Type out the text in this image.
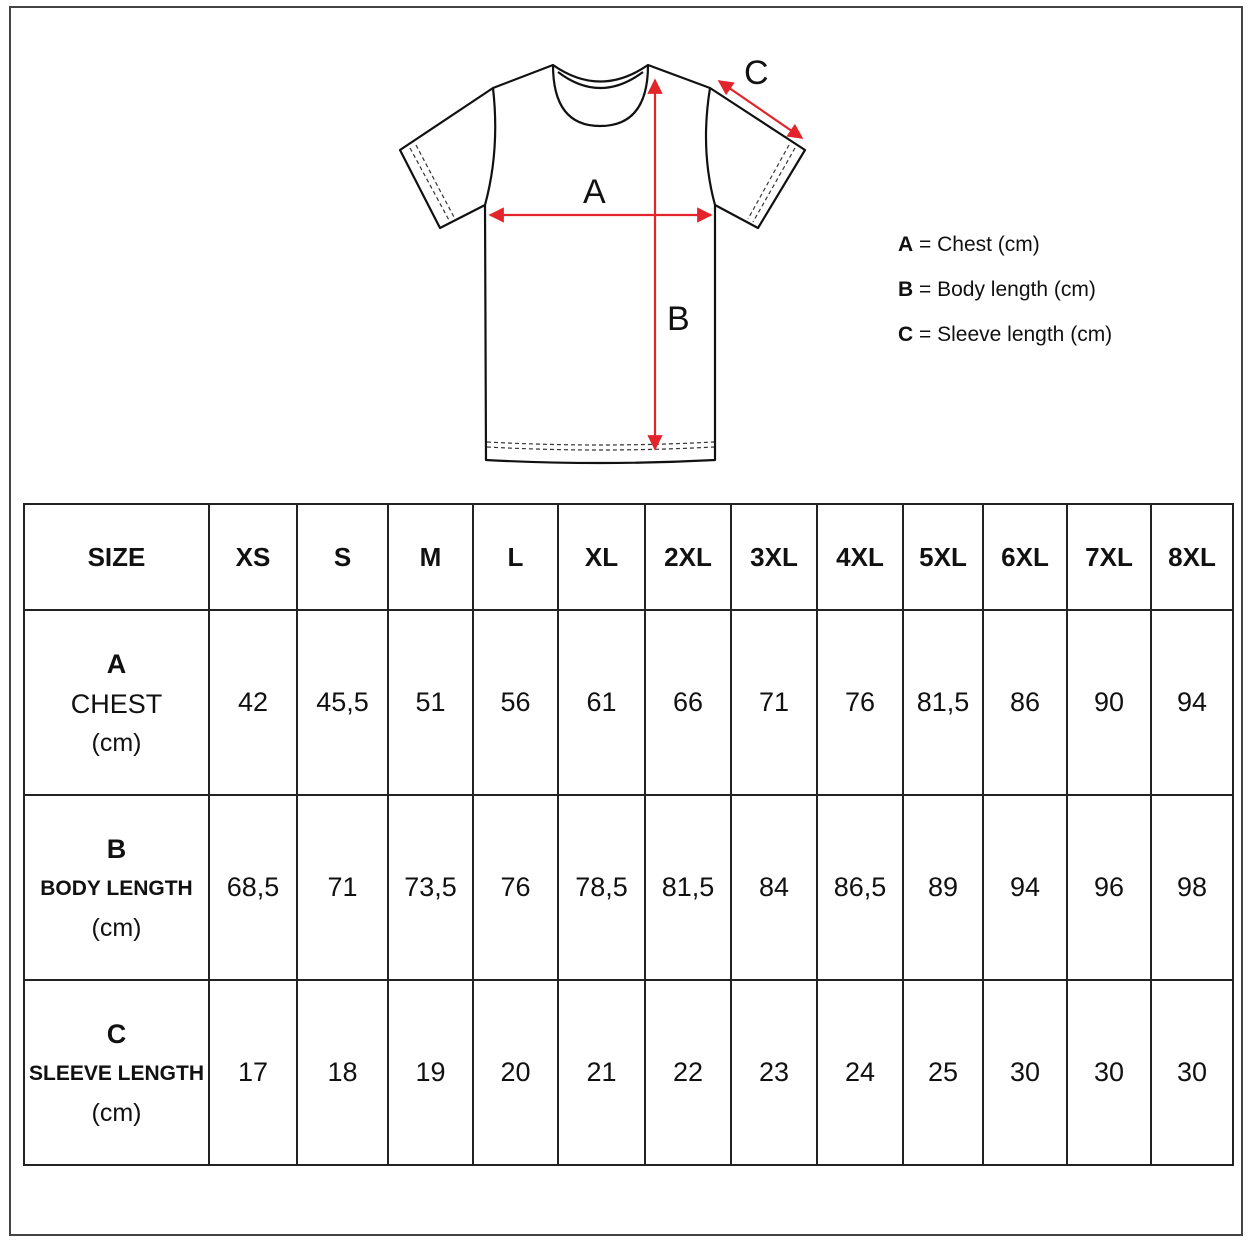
A
B
C
A = Chest (cm)
B = Body length (cm)
C = Sleeve length (cm)
SIZE	XS	S	M	L	XL	2XL	3XL	4XL	5XL	6XL	7XL	8XL

A
CHEST
(cm)	42	45,5	51	56	61	66	71	76	81,5	86	90	94

B
BODY LENGTH
(cm)	68,5	71	73,5	76	78,5	81,5	84	86,5	89	94	96	98

C
SLEEVE LENGTH
(cm)	17	18	19	20	21	22	23	24	25	30	30	30
